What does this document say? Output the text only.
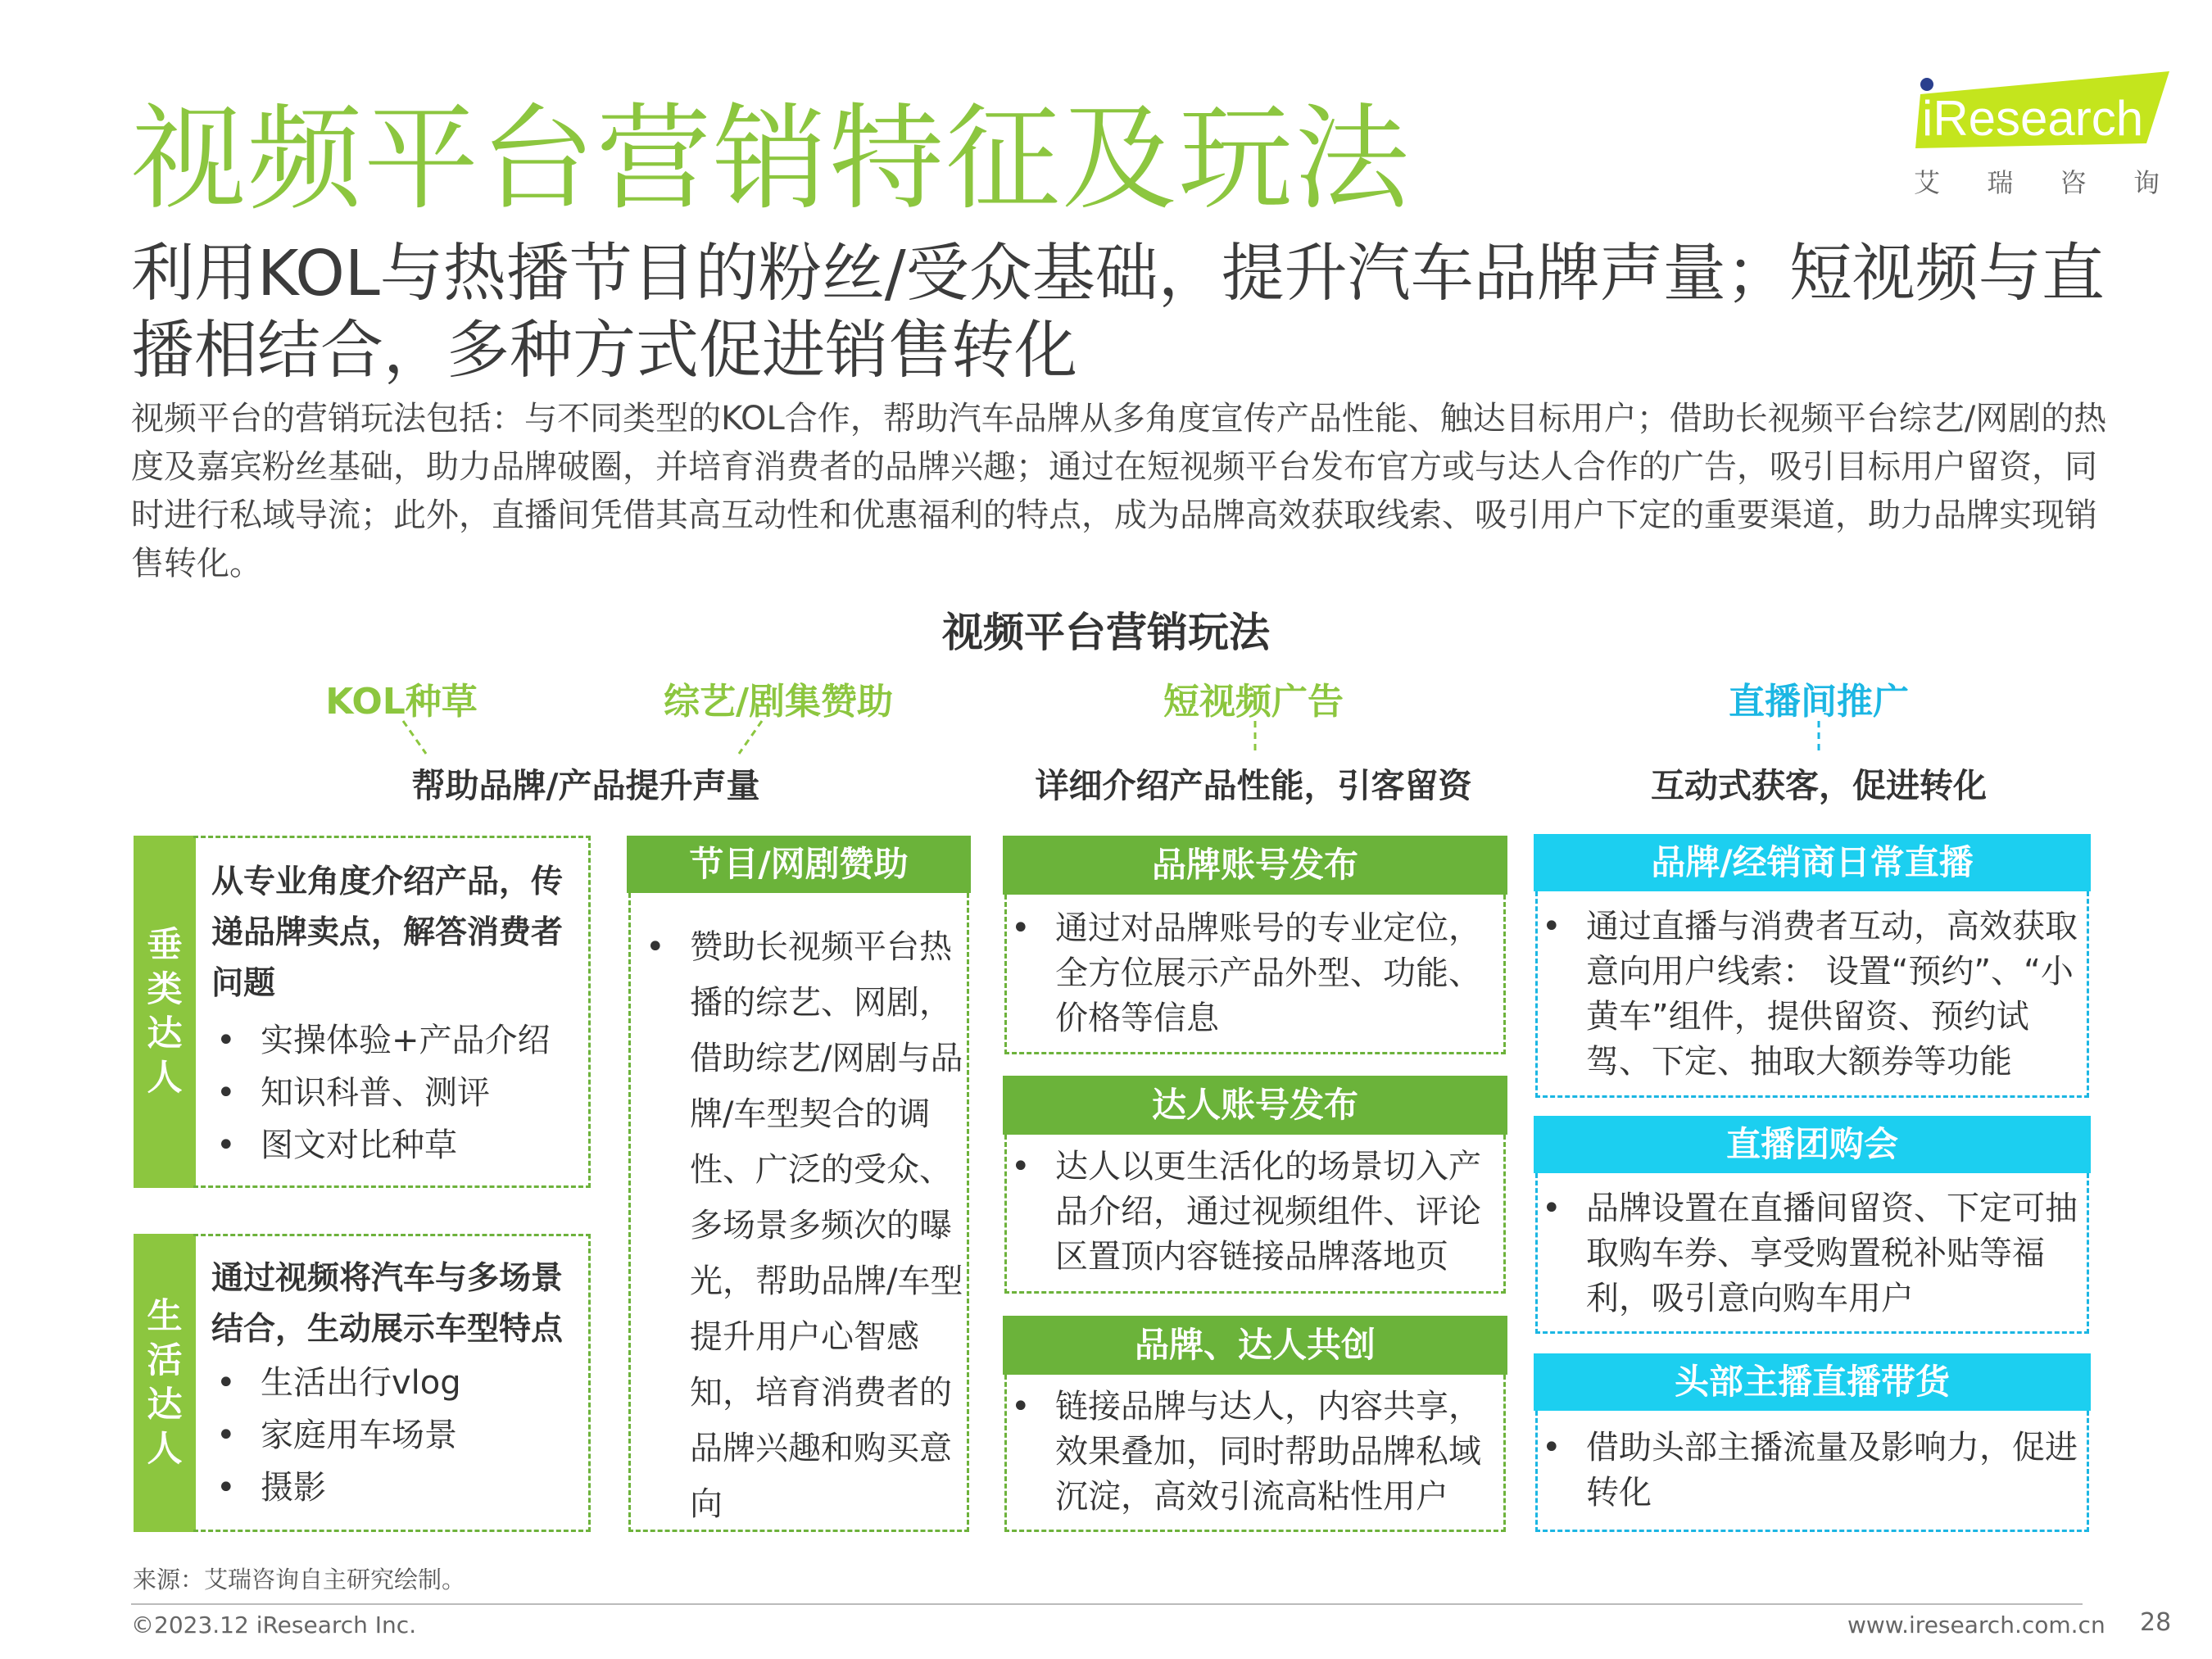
视频平台营销特征及玩法	iResearch
艾 瑞 咨 询
利用KOL与热播节目的粉丝/受众基础，提升汽车品牌声量；短视频与直播相结合，多种方式促进销售转化
视频平台的营销玩法包括：与不同类型的KOL合作，帮助汽车品牌从多角度宣传产品性能、触达目标用户；借助长视频平台综艺/网剧的热度及嘉宾粉丝基础，助力品牌破圈，并培育消费者的品牌兴趣；通过在短视频平台发布官方或与达人合作的广告，吸引目标用户留资，同时进行私域导流；此外，直播间凭借其高互动性和优惠福利的特点，成为品牌高效获取线索、吸引用户下定的重要渠道，助力品牌实现销售转化。
视频平台营销玩法
KOL种草	综艺/剧集赞助	短视频广告	直播间推广
帮助品牌/产品提升声量	详细介绍产品性能，引客留资	互动式获客，促进转化
垂
类
达
人
从专业角度介绍产品，传递品牌卖点，解答消费者问题
• 实操体验+产品介绍
• 知识科普、测评
• 图文对比种草
生
活
达
人
通过视频将汽车与多场景结合，生动展示车型特点
• 生活出行vlog
• 家庭用车场景
• 摄影
节目/网剧赞助
• 赞助长视频平台热播的综艺、网剧，借助综艺/网剧与品牌/车型契合的调性、广泛的受众、多场景多频次的曝光，帮助品牌/车型提升用户心智感知，培育消费者的品牌兴趣和购买意向
品牌账号发布
• 通过对品牌账号的专业定位，全方位展示产品外型、功能、价格等信息
达人账号发布
• 达人以更生活化的场景切入产品介绍，通过视频组件、评论区置顶内容链接品牌落地页
品牌、达人共创
• 链接品牌与达人，内容共享，效果叠加，同时帮助品牌私域沉淀，高效引流高粘性用户
品牌/经销商日常直播
• 通过直播与消费者互动，高效获取意向用户线索： 设置“预约”、“小黄车”组件，提供留资、预约试驾、下定、抽取大额券等功能
直播团购会
• 品牌设置在直播间留资、下定可抽取购车券、享受购置税补贴等福利，吸引意向购车用户
头部主播直播带货
• 借助头部主播流量及影响力，促进转化
来源：艾瑞咨询自主研究绘制。
©2023.12 iResearch Inc.	www.iresearch.com.cn 28
